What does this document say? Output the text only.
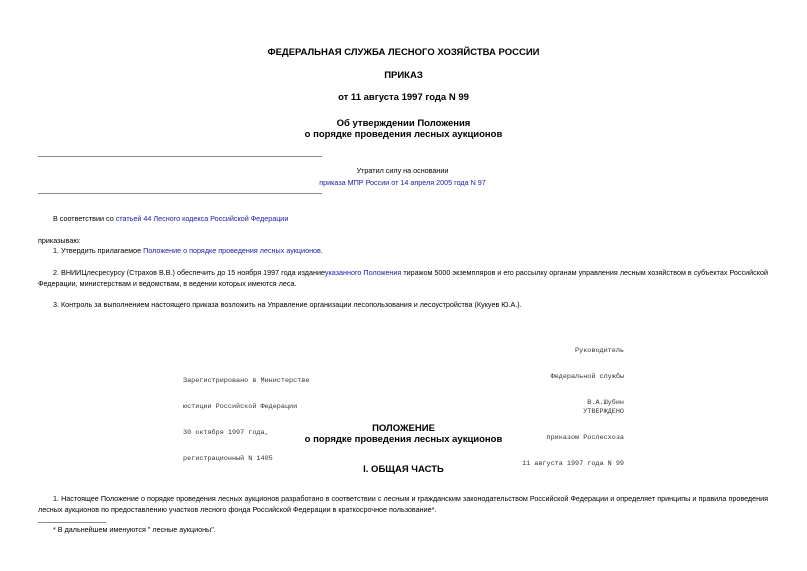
ФЕДЕРАЛЬНАЯ СЛУЖБА ЛЕСНОГО ХОЗЯЙСТВА РОССИИ
ПРИКАЗ
от 11 августа 1997 года N 99
Об утверждении Положения
о порядке проведения лесных аукционов
Утратил силу на основании
приказа МПР России от 14 апреля 2005 года N 97
В соответствии со статьей 44 Лесного кодекса Российской Федерации
приказываю:
1. Утвердить прилагаемое Положение о порядке проведения лесных аукционов.
2. ВНИИЦлесресурсу (Страхов В.В.) обеспечить до 15 ноября 1997 года изданиеуказанного Положения тиражом 5000 экземпляров и его рассылку органам управления лесным хозяйством в субъектах Российской Федерации, министерствам и ведомствам, в ведении которых имеются леса.
3. Контроль за выполнением настоящего приказа возложить на Управление организации лесопользования и лесоустройства (Кукуев Ю.А.).

Руководитель

Федеральной службы

В.А.Шубин

Зарегистрировано в Министерстве

юстиции Российской Федерации

30 октября 1997 года,

регистрационный N 1405

УТВЕРЖДЕНО

приказом Рослесхоза

11 августа 1997 года N 99

ПОЛОЖЕНИЕ
о порядке проведения лесных аукционов
I. ОБЩАЯ ЧАСТЬ
1. Настоящее Положение о порядке проведения лесных аукционов разработано в соответствии с лесным и гражданским законодательством Российской Федерации и определяет принципы и правила проведения лесных аукционов по предоставлению участков лесного фонда Российской Федерации в краткосрочное пользование*.
* В дальнейшем именуются " лесные аукционы".
